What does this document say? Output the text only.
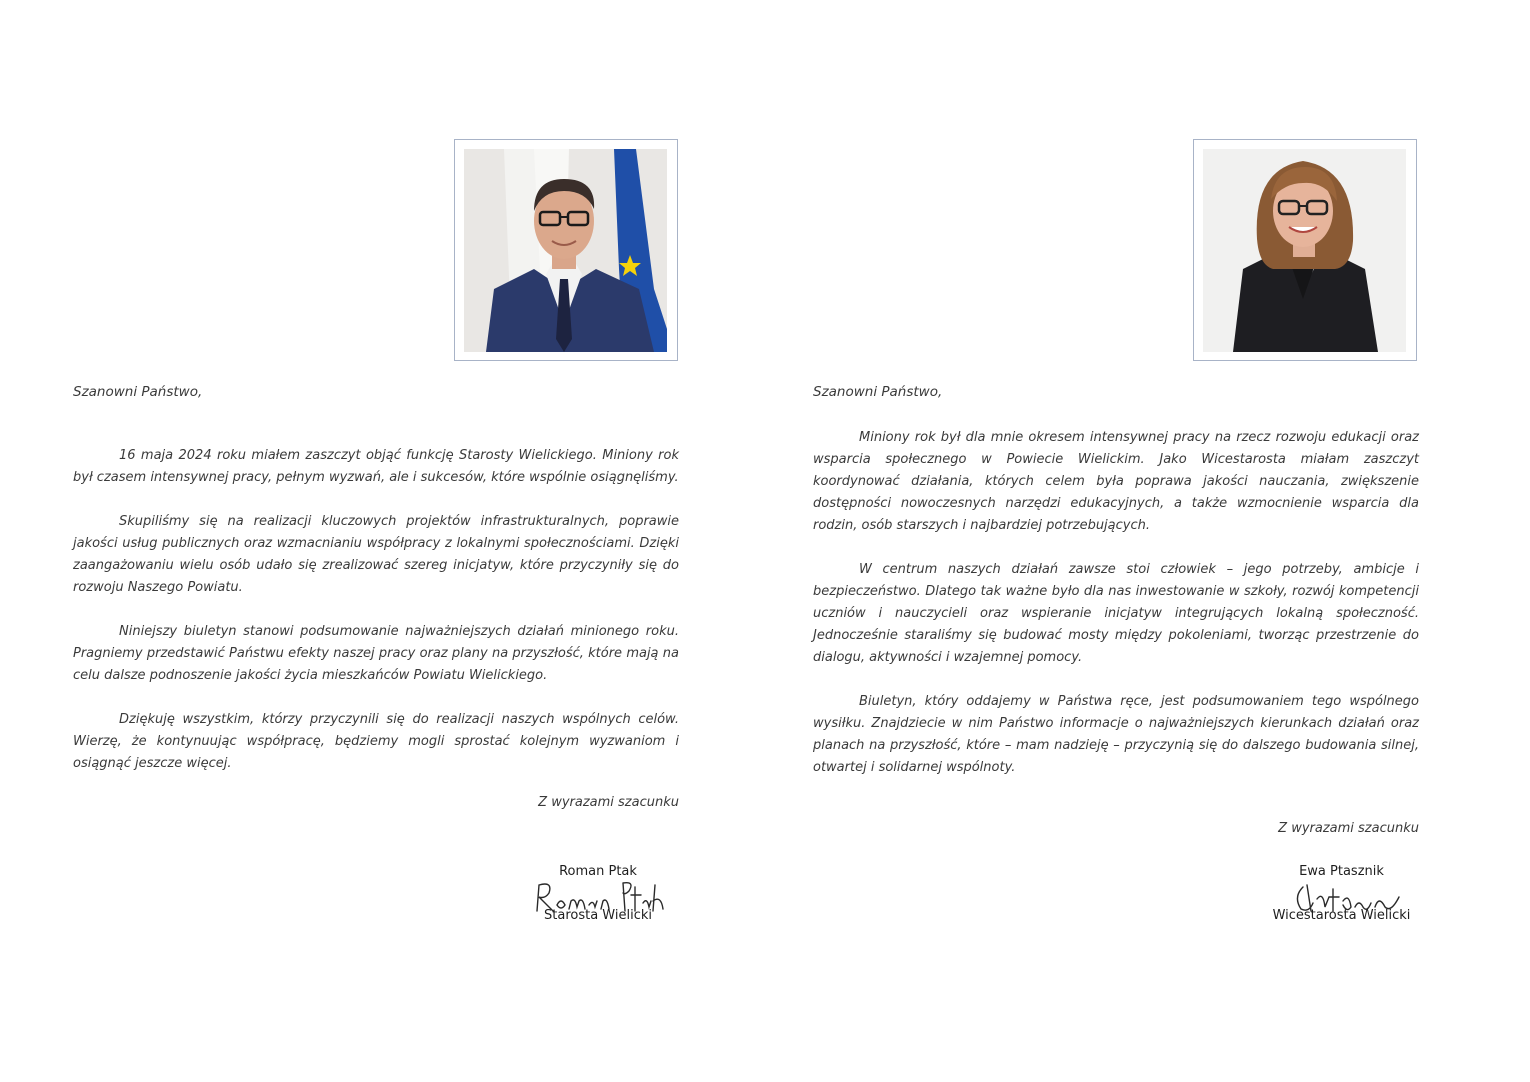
Szanowni Państwo,

16 maja 2024 roku miałem zaszczyt objąć funkcję Starosty Wielickiego. Miniony rok był czasem intensywnej pracy, pełnym wyzwań, ale i sukcesów, które wspólnie osiągnęliśmy.

Skupiliśmy się na realizacji kluczowych projektów infrastrukturalnych, poprawie jakości usług publicznych oraz wzmacnianiu współpracy z lokalnymi społecznościami. Dzięki zaangażowaniu wielu osób udało się zrealizować szereg inicjatyw, które przyczyniły się do rozwoju Naszego Powiatu.

Niniejszy biuletyn stanowi podsumowanie najważniejszych działań minionego roku. Pragniemy przedstawić Państwu efekty naszej pracy oraz plany na przyszłość, które mają na celu dalsze podnoszenie jakości życia mieszkańców Powiatu Wielickiego.

Dziękuję wszystkim, którzy przyczynili się do realizacji naszych wspólnych celów. Wierzę, że kontynuując współpracę, będziemy mogli sprostać kolejnym wyzwaniom i osiągnąć jeszcze więcej.

Z wyrazami szacunku
Roman Ptak
Starosta Wielicki
Szanowni Państwo,

Miniony rok był dla mnie okresem intensywnej pracy na rzecz rozwoju edukacji oraz wsparcia społecznego w Powiecie Wielickim. Jako Wicestarosta miałam zaszczyt koordynować działania, których celem była poprawa jakości nauczania, zwiększenie dostępności nowoczesnych narzędzi edukacyjnych, a także wzmocnienie wsparcia dla rodzin, osób starszych i najbardziej potrzebujących.

W centrum naszych działań zawsze stoi człowiek – jego potrzeby, ambicje i bezpieczeństwo. Dlatego tak ważne było dla nas inwestowanie w szkoły, rozwój kompetencji uczniów i nauczycieli oraz wspieranie inicjatyw integrujących lokalną społeczność. Jednocześnie staraliśmy się budować mosty między pokoleniami, tworząc przestrzenie do dialogu, aktywności i wzajemnej pomocy.

Biuletyn, który oddajemy w Państwa ręce, jest podsumowaniem tego wspólnego wysiłku. Znajdziecie w nim Państwo informacje o najważniejszych kierunkach działań oraz planach na przyszłość, które – mam nadzieję – przyczynią się do dalszego budowania silnej, otwartej i solidarnej wspólnoty.

Z wyrazami szacunku
Ewa Ptasznik
Wicestarosta Wielicki
